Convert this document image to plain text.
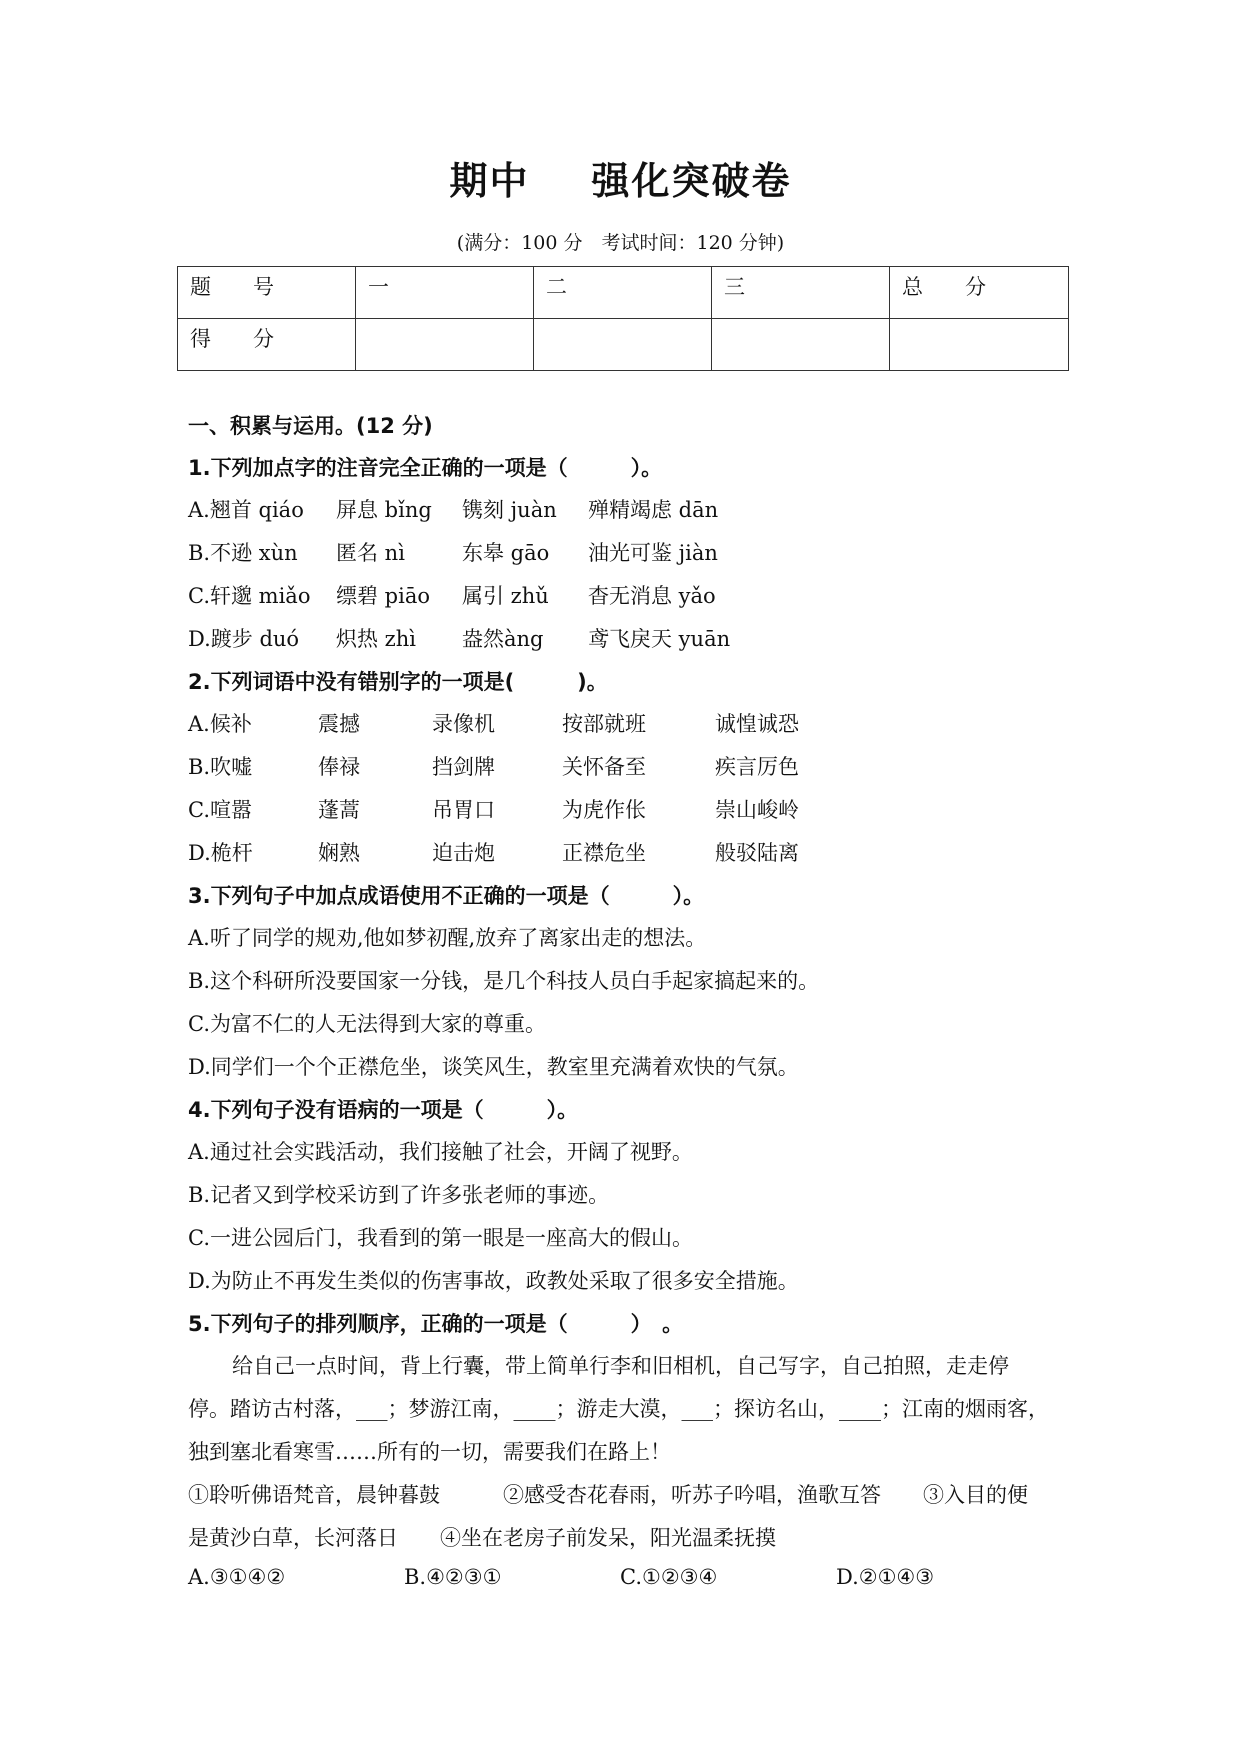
期中 强化突破卷
(满分：100 分　考试时间：120 分钟)
题　　号	一	二	三	总　　分
得　　分				
一、积累与运用。(12 分)
1.下列加点字的注音完全正确的一项是（　　　）。
A.翘首 qiáo 屏息 bǐng 镌刻 juàn 殚精竭虑 dān
B.不逊 xùn 匿名 nì	东皋 gāo 油光可鉴 jiàn
C.轩邈 miǎo 缥碧 piāo 属引 zhǔ 杳无消息 yǎo
D.踱步 duó 炽热 zhì 盎然àng 鸢飞戾天 yuān
2.下列词语中没有错别字的一项是(　　　)。
A.候补	震撼	录像机	按部就班	诚惶诚恐
B.吹嘘	俸禄	挡剑牌	关怀备至	疾言厉色
C.喧嚣	蓬蒿	吊胃口	为虎作伥	崇山峻岭
D.桅杆	娴熟	迫击炮	正襟危坐	般驳陆离
3.下列句子中加点成语使用不正确的一项是（　　　）。
A.听了同学的规劝,他如梦初醒,放弃了离家出走的想法。
B.这个科研所没要国家一分钱，是几个科技人员白手起家搞起来的。
C.为富不仁的人无法得到大家的尊重。
D.同学们一个个正襟危坐，谈笑风生，教室里充满着欢快的气氛。
4.下列句子没有语病的一项是（　　　）。
A.通过社会实践活动，我们接触了社会，开阔了视野。
B.记者又到学校采访到了许多张老师的事迹。
C.一进公园后门，我看到的第一眼是一座高大的假山。
D.为防止不再发生类似的伤害事故，政教处采取了很多安全措施。
5.下列句子的排列顺序，正确的一项是（　　　）　。
给自己一点时间，背上行囊，带上简单行李和旧相机，自己写字，自己拍照，走走停
停。踏访古村落，___；梦游江南，____；游走大漠，___；探访名山，____；江南的烟雨客，
独到塞北看寒雪……所有的一切，需要我们在路上！
①聆听佛语梵音，晨钟暮鼓　　　②感受杏花春雨，听苏子吟唱，渔歌互答　　③入目的便
是黄沙白草，长河落日　　④坐在老房子前发呆，阳光温柔抚摸
A.③①④②	B.④②③①	C.①②③④	D.②①④③
